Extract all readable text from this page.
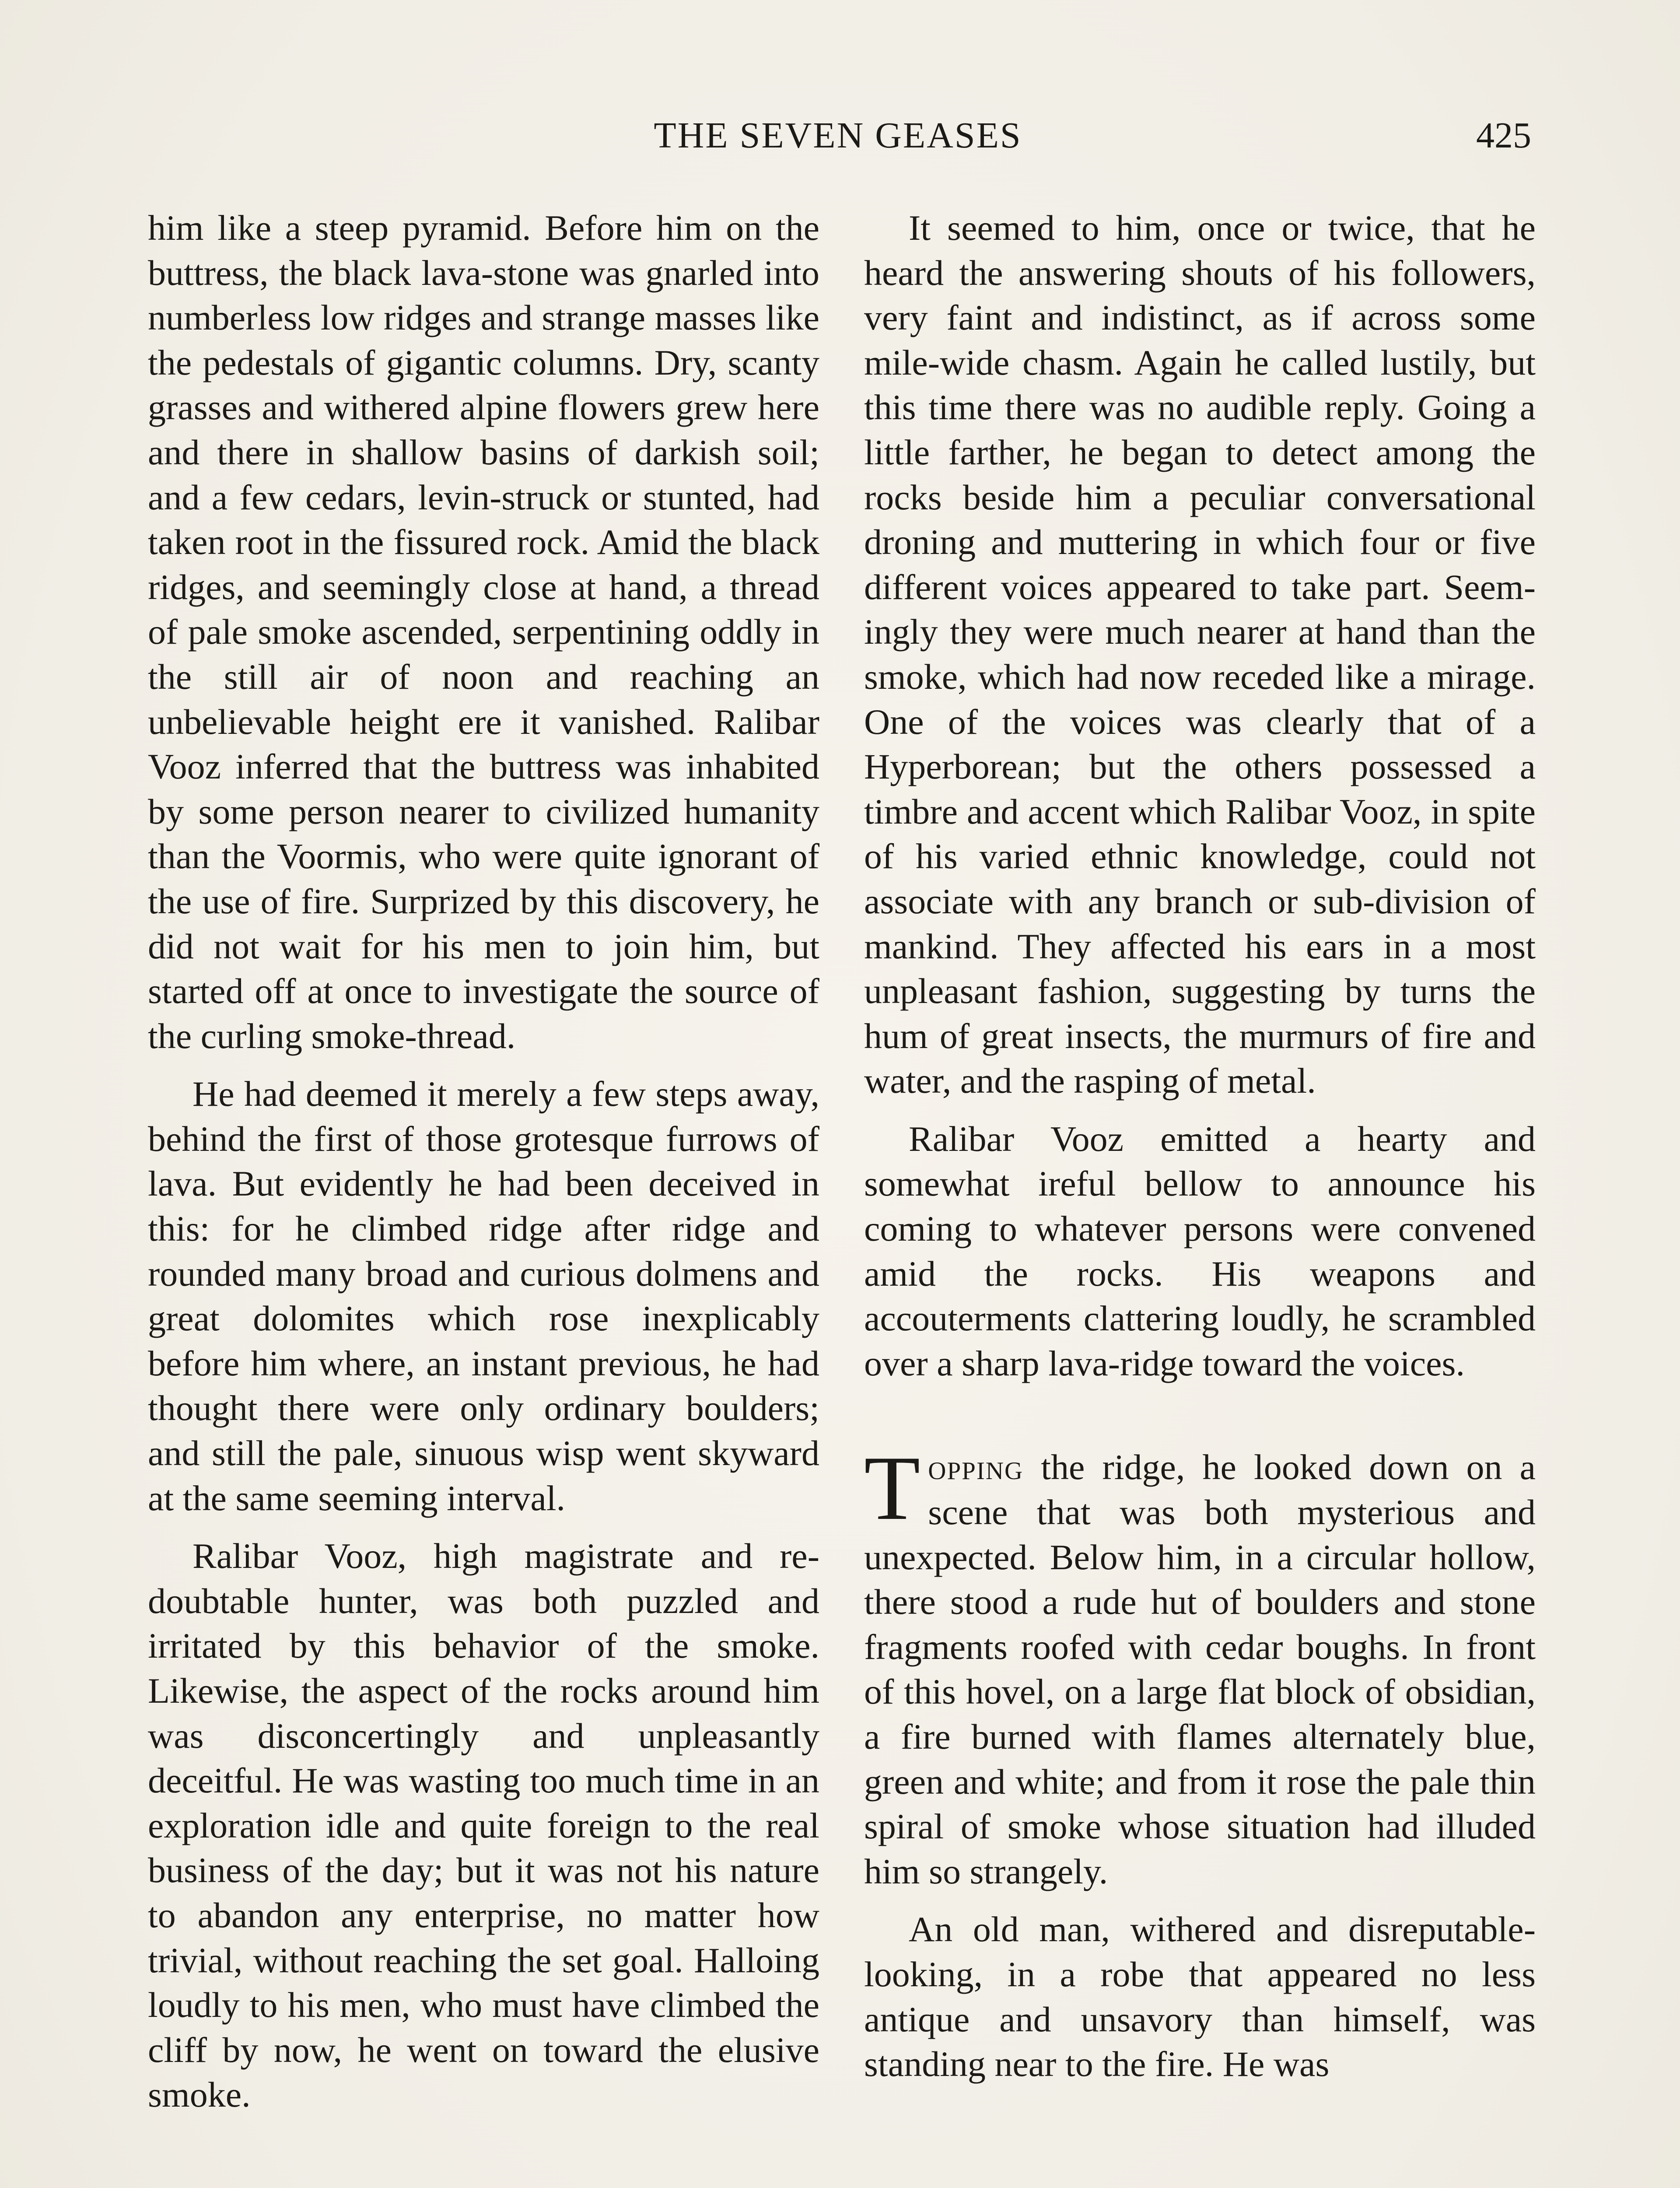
THE SEVEN GEASES	425

him like a steep pyramid. Before him on the buttress, the black lava-stone was gnarled into numberless low ridges and strange masses like the pedestals of gigantic columns. Dry, scanty grasses and withered alpine flowers grew here and there in shallow basins of darkish soil; and a few cedars, levin-struck or stunted, had taken root in the fissured rock. Amid the black ridges, and seemingly close at hand, a thread of pale smoke ascended, serpentining oddly in the still air of noon and reaching an unbelievable height ere it vanished. Ralibar Vooz inferred that the buttress was inhabited by some person nearer to civilized humanity than the Voormis, who were quite ignorant of the use of fire. Surprized by this discovery, he did not wait for his men to join him, but started off at once to investigate the source of the curling smoke-thread.

He had deemed it merely a few steps away, behind the first of those grotesque furrows of lava. But evidently he had been deceived in this: for he climbed ridge after ridge and rounded many broad and curious dolmens and great dolomites which rose inexplicably before him where, an instant previous, he had thought there were only ordinary boulders; and still the pale, sinuous wisp went skyward at the same seeming interval.

Ralibar Vooz, high magistrate and redoubtable hunter, was both puzzled and irritated by this behavior of the smoke. Likewise, the aspect of the rocks around him was disconcertingly and unpleasantly deceitful. He was wasting too much time in an exploration idle and quite foreign to the real business of the day; but it was not his nature to abandon any enterprise, no matter how trivial, without reaching the set goal. Halloing loudly to his men, who must have climbed the cliff by now, he went on toward the elusive smoke.

It seemed to him, once or twice, that he heard the answering shouts of his followers, very faint and indistinct, as if across some mile-wide chasm. Again he called lustily, but this time there was no audible reply. Going a little farther, he began to detect among the rocks beside him a peculiar conversational droning and muttering in which four or five different voices appeared to take part. Seemingly they were much nearer at hand than the smoke, which had now receded like a mirage. One of the voices was clearly that of a Hyperborean; but the others possessed a timbre and accent which Ralibar Vooz, in spite of his varied ethnic knowledge, could not associate with any branch or sub-division of mankind. They affected his ears in a most unpleasant fashion, suggesting by turns the hum of great insects, the murmurs of fire and water, and the rasping of metal.

Ralibar Vooz emitted a hearty and somewhat ireful bellow to announce his coming to whatever persons were convened amid the rocks. His weapons and accouterments clattering loudly, he scrambled over a sharp lava-ridge toward the voices.

Topping the ridge, he looked down on a scene that was both mysterious and unexpected. Below him, in a circular hollow, there stood a rude hut of boulders and stone fragments roofed with cedar boughs. In front of this hovel, on a large flat block of obsidian, a fire burned with flames alternately blue, green and white; and from it rose the pale thin spiral of smoke whose situation had illuded him so strangely.

An old man, withered and disreputable-looking, in a robe that appeared no less antique and unsavory than himself, was standing near to the fire. He was
